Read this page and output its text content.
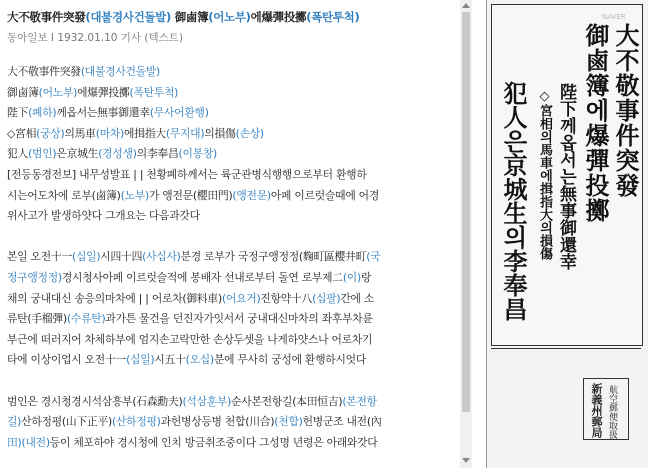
大不敬事件突發(대불경사건돌발) 御鹵簿(어노부)에爆彈投擲(폭탄투척)
동아일보 I 1932.01.10 기사 (텍스트)

大不敬事件突發(대불경사건돌발)

御鹵簿(어노부)에爆彈投擲(폭탄투척)

陛下(폐하)께옵서는無事御還幸(무사어환행)

◇宮相(궁상)의馬車(마차)에揖指大(무지대)의損傷(손상)

犯人(범인)은京城生(경성생)의李奉昌(이봉창)

[전등동경전보] 내무성발표 | | 천황폐하께서는 륙군관병식행행으로부터 환행하

시는어도차에 로부(鹵簿)(노부)가 앵전문(櫻田門)(앵전문)아페 이르럿슬때에 어경

위사고가 발생하얏다 그개요는 다음과갓다

본일 오전十一(십일)시四十四(사십사)분경 로부가 국정구앵정정(麴町區櫻井町(국

정구앵정정)경시청사아페 이르럿슬적에 봉배자 선내로부터 돌연 로부제二(이)랑

채의 궁내대신 송응의마차에 | | 어로차(御料車)(어요거)진항약十八(십팔)간에 소

류탄(手榴彈)(수류탄)과가튼 물건을 던진자가잇서서 궁내대신마차의 좌후부차륜

부근에 떠러지어 차체하부에 엄지손고락만한 손상두셋을 나게하얏스나 어로차기

타에 이상이업시 오전十一(십일)시五十(오십)분에 무사히 궁성에 환행하시엇다

범인은 경시청경시석삼흥부(石森勳夫)(석삼훈부)순사본전항길(本田恒吉)(본전항

길)산하정평(山下正平)(산하정평)과헌병상등병 천합(川合)(천합)헌병군조 내전(內

田)(내전)등이 체포하야 경시청에 인치 방금취조중이다 그성명 년령은 아래와갓다

NAVER
大不敬事件突發
御鹵簿에爆彈投擲
陛下께옵서는無事御還幸
◇宮相의馬車에揖指大의損傷
犯人은京城生의李奉昌
新義州郵局 航空郵便取扱
